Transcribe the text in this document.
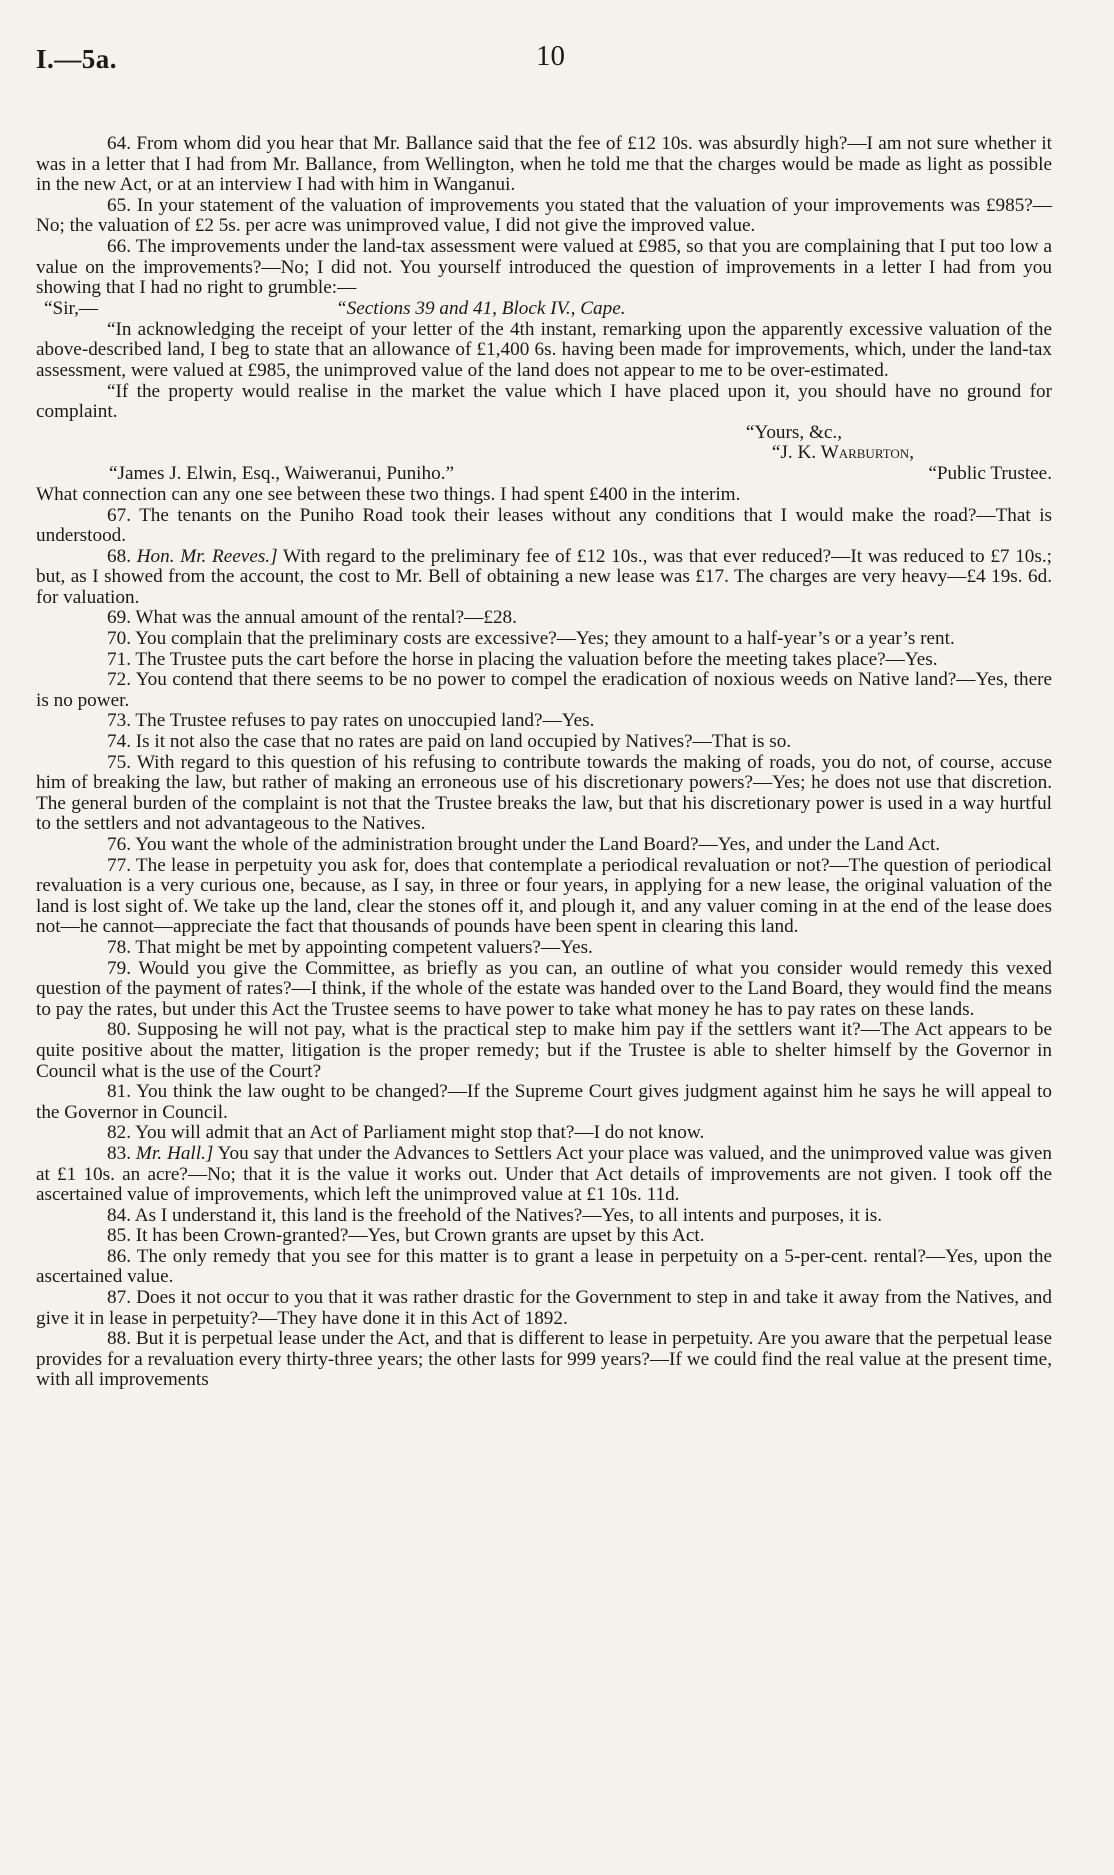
I.—5a.	10

64. From whom did you hear that Mr. Ballance said that the fee of £12 10s. was absurdly high?—I am not sure whether it was in a letter that I had from Mr. Ballance, from Wellington, when he told me that the charges would be made as light as possible in the new Act, or at an interview I had with him in Wanganui.

65. In your statement of the valuation of improvements you stated that the valuation of your improvements was £985?—No; the valuation of £2 5s. per acre was unimproved value, I did not give the improved value.

66. The improvements under the land-tax assessment were valued at £985, so that you are complaining that I put too low a value on the improvements?—No; I did not. You yourself introduced the question of improvements in a letter I had from you showing that I had no right to grumble:—

“Sir,—	“Sections 39 and 41, Block IV., Cape.

“In acknowledging the receipt of your letter of the 4th instant, remarking upon the apparently excessive valuation of the above-described land, I beg to state that an allowance of £1,400 6s. having been made for improvements, which, under the land-tax assessment, were valued at £985, the unimproved value of the land does not appear to me to be over-estimated.

“If the property would realise in the market the value which I have placed upon it, you should have no ground for complaint.

“Yours, &c.,

“J. K. Warburton,

“James J. Elwin, Esq., Waiweranui, Puniho.”	“Public Trustee.

What connection can any one see between these two things. I had spent £400 in the interim.

67. The tenants on the Puniho Road took their leases without any conditions that I would make the road?—That is understood.

68. Hon. Mr. Reeves.] With regard to the preliminary fee of £12 10s., was that ever reduced?—It was reduced to £7 10s.; but, as I showed from the account, the cost to Mr. Bell of obtaining a new lease was £17. The charges are very heavy—£4 19s. 6d. for valuation.

69. What was the annual amount of the rental?—£28.

70. You complain that the preliminary costs are excessive?—Yes; they amount to a half-year’s or a year’s rent.

71. The Trustee puts the cart before the horse in placing the valuation before the meeting takes place?—Yes.

72. You contend that there seems to be no power to compel the eradication of noxious weeds on Native land?—Yes, there is no power.

73. The Trustee refuses to pay rates on unoccupied land?—Yes.

74. Is it not also the case that no rates are paid on land occupied by Natives?—That is so.

75. With regard to this question of his refusing to contribute towards the making of roads, you do not, of course, accuse him of breaking the law, but rather of making an erroneous use of his discretionary powers?—Yes; he does not use that discretion. The general burden of the complaint is not that the Trustee breaks the law, but that his discretionary power is used in a way hurtful to the settlers and not advantageous to the Natives.

76. You want the whole of the administration brought under the Land Board?—Yes, and under the Land Act.

77. The lease in perpetuity you ask for, does that contemplate a periodical revaluation or not?—The question of periodical revaluation is a very curious one, because, as I say, in three or four years, in applying for a new lease, the original valuation of the land is lost sight of. We take up the land, clear the stones off it, and plough it, and any valuer coming in at the end of the lease does not—he cannot—appreciate the fact that thousands of pounds have been spent in clearing this land.

78. That might be met by appointing competent valuers?—Yes.

79. Would you give the Committee, as briefly as you can, an outline of what you consider would remedy this vexed question of the payment of rates?—I think, if the whole of the estate was handed over to the Land Board, they would find the means to pay the rates, but under this Act the Trustee seems to have power to take what money he has to pay rates on these lands.

80. Supposing he will not pay, what is the practical step to make him pay if the settlers want it?—The Act appears to be quite positive about the matter, litigation is the proper remedy; but if the Trustee is able to shelter himself by the Governor in Council what is the use of the Court?

81. You think the law ought to be changed?—If the Supreme Court gives judgment against him he says he will appeal to the Governor in Council.

82. You will admit that an Act of Parliament might stop that?—I do not know.

83. Mr. Hall.] You say that under the Advances to Settlers Act your place was valued, and the unimproved value was given at £1 10s. an acre?—No; that it is the value it works out. Under that Act details of improvements are not given. I took off the ascertained value of improvements, which left the unimproved value at £1 10s. 11d.

84. As I understand it, this land is the freehold of the Natives?—Yes, to all intents and purposes, it is.

85. It has been Crown-granted?—Yes, but Crown grants are upset by this Act.

86. The only remedy that you see for this matter is to grant a lease in perpetuity on a 5-per-cent. rental?—Yes, upon the ascertained value.

87. Does it not occur to you that it was rather drastic for the Government to step in and take it away from the Natives, and give it in lease in perpetuity?—They have done it in this Act of 1892.

88. But it is perpetual lease under the Act, and that is different to lease in perpetuity. Are you aware that the perpetual lease provides for a revaluation every thirty-three years; the other lasts for 999 years?—If we could find the real value at the present time, with all improvements
